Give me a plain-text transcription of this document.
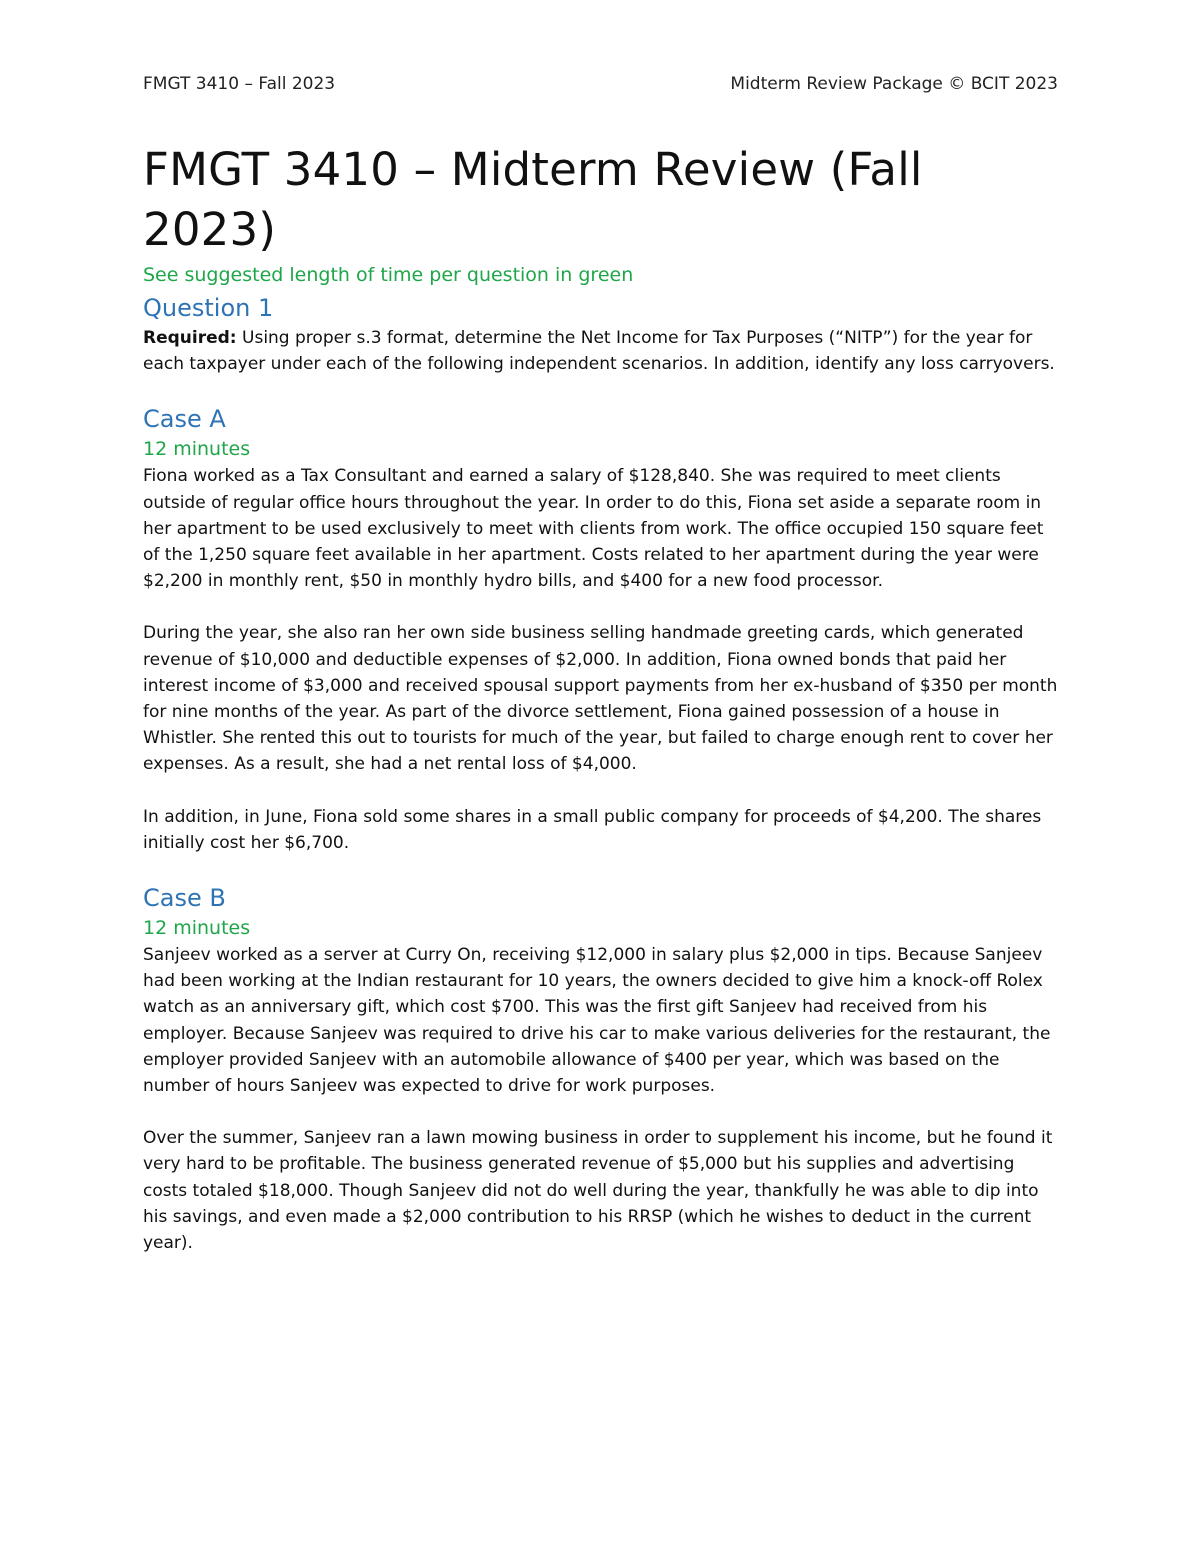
FMGT 3410 – Fall 2023	Midterm Review Package © BCIT 2023
FMGT 3410 – Midterm Review (Fall 2023)
See suggested length of time per question in green
Question 1

Required: Using proper s.3 format, determine the Net Income for Tax Purposes (“NITP”) for the year for each taxpayer under each of the following independent scenarios. In addition, identify any loss carryovers.

Case A
12 minutes

Fiona worked as a Tax Consultant and earned a salary of $128,840. She was required to meet clients outside of regular office hours throughout the year. In order to do this, Fiona set aside a separate room in her apartment to be used exclusively to meet with clients from work. The office occupied 150 square feet of the 1,250 square feet available in her apartment. Costs related to her apartment during the year were $2,200 in monthly rent, $50 in monthly hydro bills, and $400 for a new food processor.

During the year, she also ran her own side business selling handmade greeting cards, which generated revenue of $10,000 and deductible expenses of $2,000. In addition, Fiona owned bonds that paid her interest income of $3,000 and received spousal support payments from her ex-husband of $350 per month for nine months of the year. As part of the divorce settlement, Fiona gained possession of a house in Whistler. She rented this out to tourists for much of the year, but failed to charge enough rent to cover her expenses. As a result, she had a net rental loss of $4,000.

In addition, in June, Fiona sold some shares in a small public company for proceeds of $4,200. The shares initially cost her $6,700.

Case B
12 minutes

Sanjeev worked as a server at Curry On, receiving $12,000 in salary plus $2,000 in tips. Because Sanjeev had been working at the Indian restaurant for 10 years, the owners decided to give him a knock-off Rolex watch as an anniversary gift, which cost $700. This was the first gift Sanjeev had received from his employer. Because Sanjeev was required to drive his car to make various deliveries for the restaurant, the employer provided Sanjeev with an automobile allowance of $400 per year, which was based on the number of hours Sanjeev was expected to drive for work purposes.

Over the summer, Sanjeev ran a lawn mowing business in order to supplement his income, but he found it very hard to be profitable. The business generated revenue of $5,000 but his supplies and advertising costs totaled $18,000. Though Sanjeev did not do well during the year, thankfully he was able to dip into his savings, and even made a $2,000 contribution to his RRSP (which he wishes to deduct in the current year).
